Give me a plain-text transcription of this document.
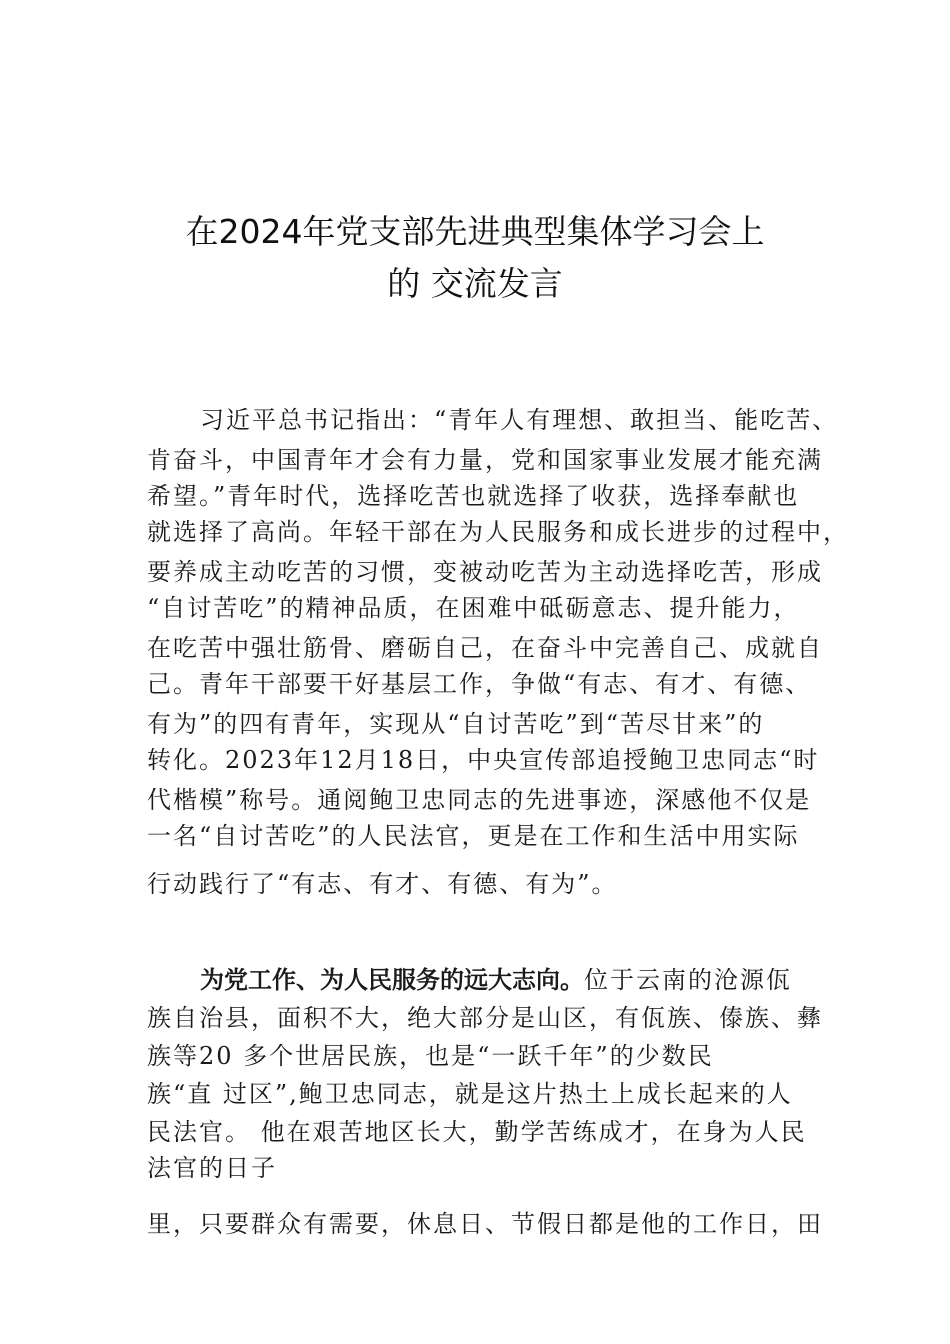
在2024年党支部先进典型集体学习会上
的 交流发言
习近平总书记指出：“青年人有理想、敢担当、能吃苦、
肯奋斗，中国青年才会有力量，党和国家事业发展才能充满
希望。”青年时代，选择吃苦也就选择了收获，选择奉献也
就选择了高尚。年轻干部在为人民服务和成长进步的过程中，
要养成主动吃苦的习惯，变被动吃苦为主动选择吃苦，形成
“自讨苦吃”的精神品质，在困难中砥砺意志、提升能力，
在吃苦中强壮筋骨、磨砺自己，在奋斗中完善自己、成就自
己。青年干部要干好基层工作，争做“有志、有才、有德、
有为”的四有青年，实现从“自讨苦吃”到“苦尽甘来”的
转化。2023年12月18日，中央宣传部追授鲍卫忠同志“时
代楷模”称号。通阅鲍卫忠同志的先进事迹，深感他不仅是
一名“自讨苦吃”的人民法官，更是在工作和生活中用实际
行动践行了“有志、有才、有德、有为”。
为党工作、为人民服务的远大志向。位于云南的沧源佤
族自治县，面积不大，绝大部分是山区，有佤族、傣族、彝
族等20 多个世居民族，也是“一跃千年”的少数民
族“直 过区”,鲍卫忠同志，就是这片热土上成长起来的人
民法官。 他在艰苦地区长大，勤学苦练成才，在身为人民
法官的日子
里，只要群众有需要，休息日、节假日都是他的工作日，田
